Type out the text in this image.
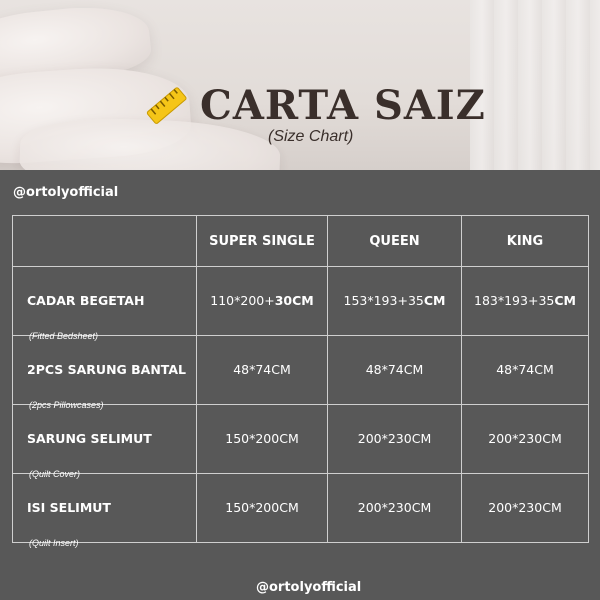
CARTA SAIZ
(Size Chart)
@ortolyofficial
	SUPER SINGLE	QUEEN	KING

CADAR BEGETAH
(Fitted Bedsheet)	110*200+30CM	153*193+35CM	183*193+35CM

2PCS SARUNG BANTAL
(2pcs Pillowcases)	48*74CM	48*74CM	48*74CM

SARUNG SELIMUT
(Quilt Cover)	150*200CM	200*230CM	200*230CM

ISI SELIMUT
(Quilt Insert)	150*200CM	200*230CM	200*230CM
@ortolyofficial
